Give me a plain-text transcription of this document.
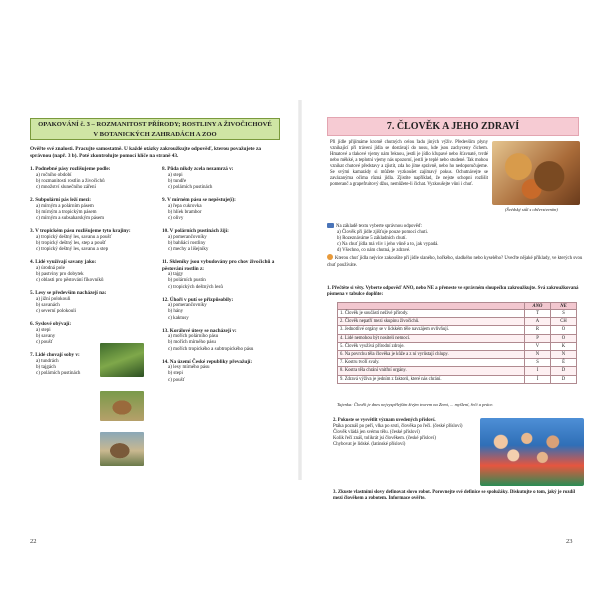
OPAKOVÁNÍ č. 3 – ROZMANITOST PŘÍRODY; ROSTLINY A ŽIVOČICHOVÉ
V BOTANICKÝCH ZAHRADÁCH A ZOO
Ověřte své znalosti. Pracujte samostatně. U každé otázky zakroužkujte odpověď, kterou považujete za správnou (např. 3 b). Poté zkontrolujte pomocí klíče na straně 43.
1. Podnebné pásy rozlišujeme podle:
a) ročního období
b) rozmanitosti rostlin a živočichů
c) množství slunečního záření
2. Subpolární pás leží mezi:
a) mírným a polárním pásem
b) mírným a tropickým pásem
c) mírným a subsaharským pásem
3. V tropickém pásu rozlišujeme tyto krajiny:
a) tropický deštný les, savanu a poušť
b) tropický deštný les, step a poušť
c) tropický deštný les, savanu a step
4. Lidé využívají savany jako:
a) úrodná pole
b) pastviny pro dobytek
c) oblasti pro pěstování fíkovníků
5. Lesy se především nacházejí na:
a) jižní polokouli
b) savanách
c) severní polokouli
6. Syslové obývají:
a) stepi
b) savany
c) poušť
7. Lidé chovají soby v:
a) tundrách
b) tajgách
c) polárních pustinách
8. Půda nikdy zcela nezamrzá v:
a) stepi
b) tundře
c) polárních pustinách
9. V mírném pásu se nepěstuje(í):
a) řepa cukrovka
b) hlíek brambor
c) olivy
10. V polárních pustinách žijí:
a) pomerančovníky
b) bahňáci rostliny
c) mechy a lišejníky
11. Skleníky jsou vybudovány pro chov živočichů a pěstování rostlin z:
a) tajgy
b) polárních pustin
c) tropických deštných lesů
12. Úhoři v putí se přizpůsobily:
a) pomerančovníky
b) hány
c) kaktusy
13. Korálové útesy se nacházejí v:
a) mořích polárního pásu
b) mořích mírného pásu
c) mořích tropického a subtropického pásu
14. Na území České republiky převažují:
a) lesy mírného pásu
b) stepi
c) poušť
22
7. ČLOVĚK A JEHO ZDRAVÍ
Při jídle přijímáme kromě chutných celou řadu jiných výživ. Především plyny vznikající při trávení jídla se dostávají do nosu, kde jsou zachyceny čichem. Hmatové a tlakové vjemy nám řeknou, jestli je jídlo křupavé nebo šťavnaté, tvrdé nebo měkké, a teplotní vjemy nás upozorní, jestli je teplé nebo studené. Tak mohou vznikat chutové představy a zjistit, zda ho jíme správně, nebo ho nedoporučujeme. Se svými kamarády si můžete vyzkoušet zajímavý pokus. Ochutnávejte se zavázanýma očima různá jídla. Zjistíte například, že nejste schopni rozlišit pomeranč a grapefruitový džus, nemůžete-li čichat. Vyzkoušejte vůni i chuť.
(Švédský stůl s občerstvením)
Na základě textu vyberte správnou odpověď:
a) Člověk při jídle zjišťuje pouze pomocí chuti.
b) Rozeznáváme 5 základních chutí.
c) Na chuť jídla má vliv i jeho vůně a to, jak vypadá.
d) Všechno, co nám chutná, je zdravé.
Kterou chuť jídla nejvíce zakoušíte při jídle slaného, hořkého, sladkého nebo kyselého? Uveďte nějaké příklady, ve kterých svou chuť používáte.
1. Přečtěte si věty. Vyberte odpověď ANO, nebo NE a přeneste ve správném sloupečku zakroužkujte. Svá zakroužkovaná písmena v tabulce doplňte:
	ANO	NE
1. Člověk je součástí neživé přírody.	T	S
2. Člověk nepatří mezi skupinu živočichů.	A	CH
3. Jednotlivé orgány se v lidském těle navzájem ovlivňují.	R	O
4. Lidé nemohou být nositeli nemocí.	P	O
5. Člověk využívá přírodní zdroje.	V	K
6. Na povrchu těla člověka je kůže a z ní vyrůstají chlupy.	N	N
7. Kostru tvoří svaly.	S	É
8. Kostra těla chrání vnitřní orgány.	I	D
9. Zdravá výživa je jedním z faktorů, které nás chrání.	Í	D
Tajenka: Člověk je dnes nejvyspělejším živým tvorem na Zemi, ... myšlení, řeči a práce.
2. Pokuste se vysvětlit význam uvedených přísloví.
Ptáka poznáš po peří, vlka po srsti, člověka po řeči. (české přísloví)
Člověk vládá jen svému tělu. (české přísloví)
Kolik řečí znáš, tolikrát jsi člověkem. (české přísloví)
Chybovat je lidské. (latinské přísloví)
3. Zkuste vlastními slovy definovat slovo robot. Porovnejte své definice se spolužáky. Diskutujte o tom, jaký je rozdíl mezi člověkem a robotem. Informace ověřte.
23
